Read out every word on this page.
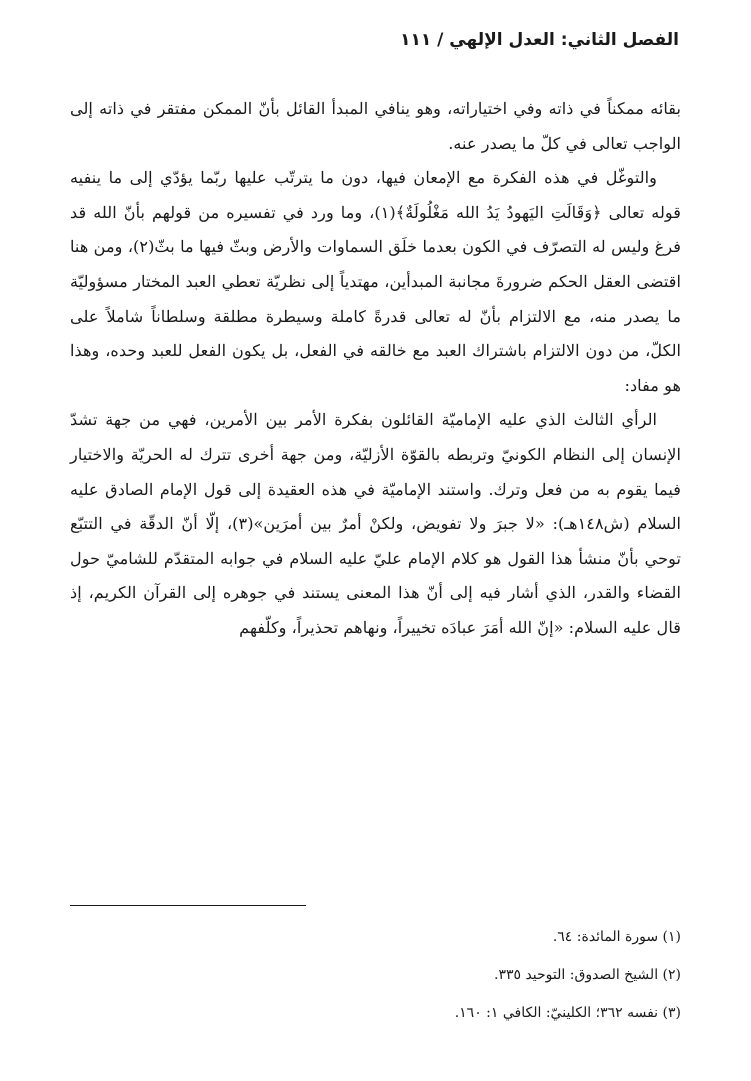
الفصل الثاني: العدل الإلهي / ١١١

بقائه ممكناً في ذاته وفي اختياراته، وهو ينافي المبدأ القائل بأنّ الممكن مفتقر في ذاته إلى الواجب تعالى في كلّ ما يصدر عنه.

والتوغّل في هذه الفكرة مع الإمعان فيها، دون ما يترتّب عليها ربّما يؤدّي إلى ما ينفيه قوله تعالى ﴿وَقَالَتِ اليَهودُ يَدُ الله مَغْلُولَةٌ﴾(١)، وما ورد في تفسيره من قولهم بأنّ الله قد فرغ وليس له التصرّف في الكون بعدما خلَق السماوات والأرض وبثّ فيها ما بثّ(٢)، ومن هنا اقتضى العقل الحكم ضرورةَ مجانبة المبدأين، مهتدياً إلى نظريّة تعطي العبد المختار مسؤوليّة ما يصدر منه، مع الالتزام بأنّ له تعالى قدرةً كاملة وسيطرة مطلقة وسلطاناً شاملاً على الكلّ، من دون الالتزام باشتراك العبد مع خالقه في الفعل، بل يكون الفعل للعبد وحده، وهذا هو مفاد:

الرأي الثالث الذي عليه الإماميّة القائلون بفكرة الأمر بين الأمرين، فهي من جهة تشدّ الإنسان إلى النظام الكونيّ وتربطه بالقوّة الأزليّة، ومن جهة أخرى تترك له الحريّة والاختيار فيما يقوم به من فعل وترك. واستند الإماميّة في هذه العقيدة إلى قول الإمام الصادق عليه السلام (ش١٤٨هـ): «لا جبرَ ولا تفويض، ولكنْ أمرٌ بين أمرَين»(٣)، إلّا أنّ الدقّة في التتبّع توحي بأنّ منشأ هذا القول هو كلام الإمام عليّ عليه السلام في جوابه المتقدّم للشاميّ حول القضاء والقدر، الذي أشار فيه إلى أنّ هذا المعنى يستند في جوهره إلى القرآن الكريم، إذ قال عليه السلام: «إنّ الله أمَرَ عبادَه تخييراً، ونهاهم تحذيراً، وكلّفهم

(١) سورة المائدة: ٦٤.
(٢) الشيخ الصدوق: التوحيد ٣٣٥.
(٣) نفسه ٣٦٢؛ الكلينيّ: الكافي ١: ١٦٠.
